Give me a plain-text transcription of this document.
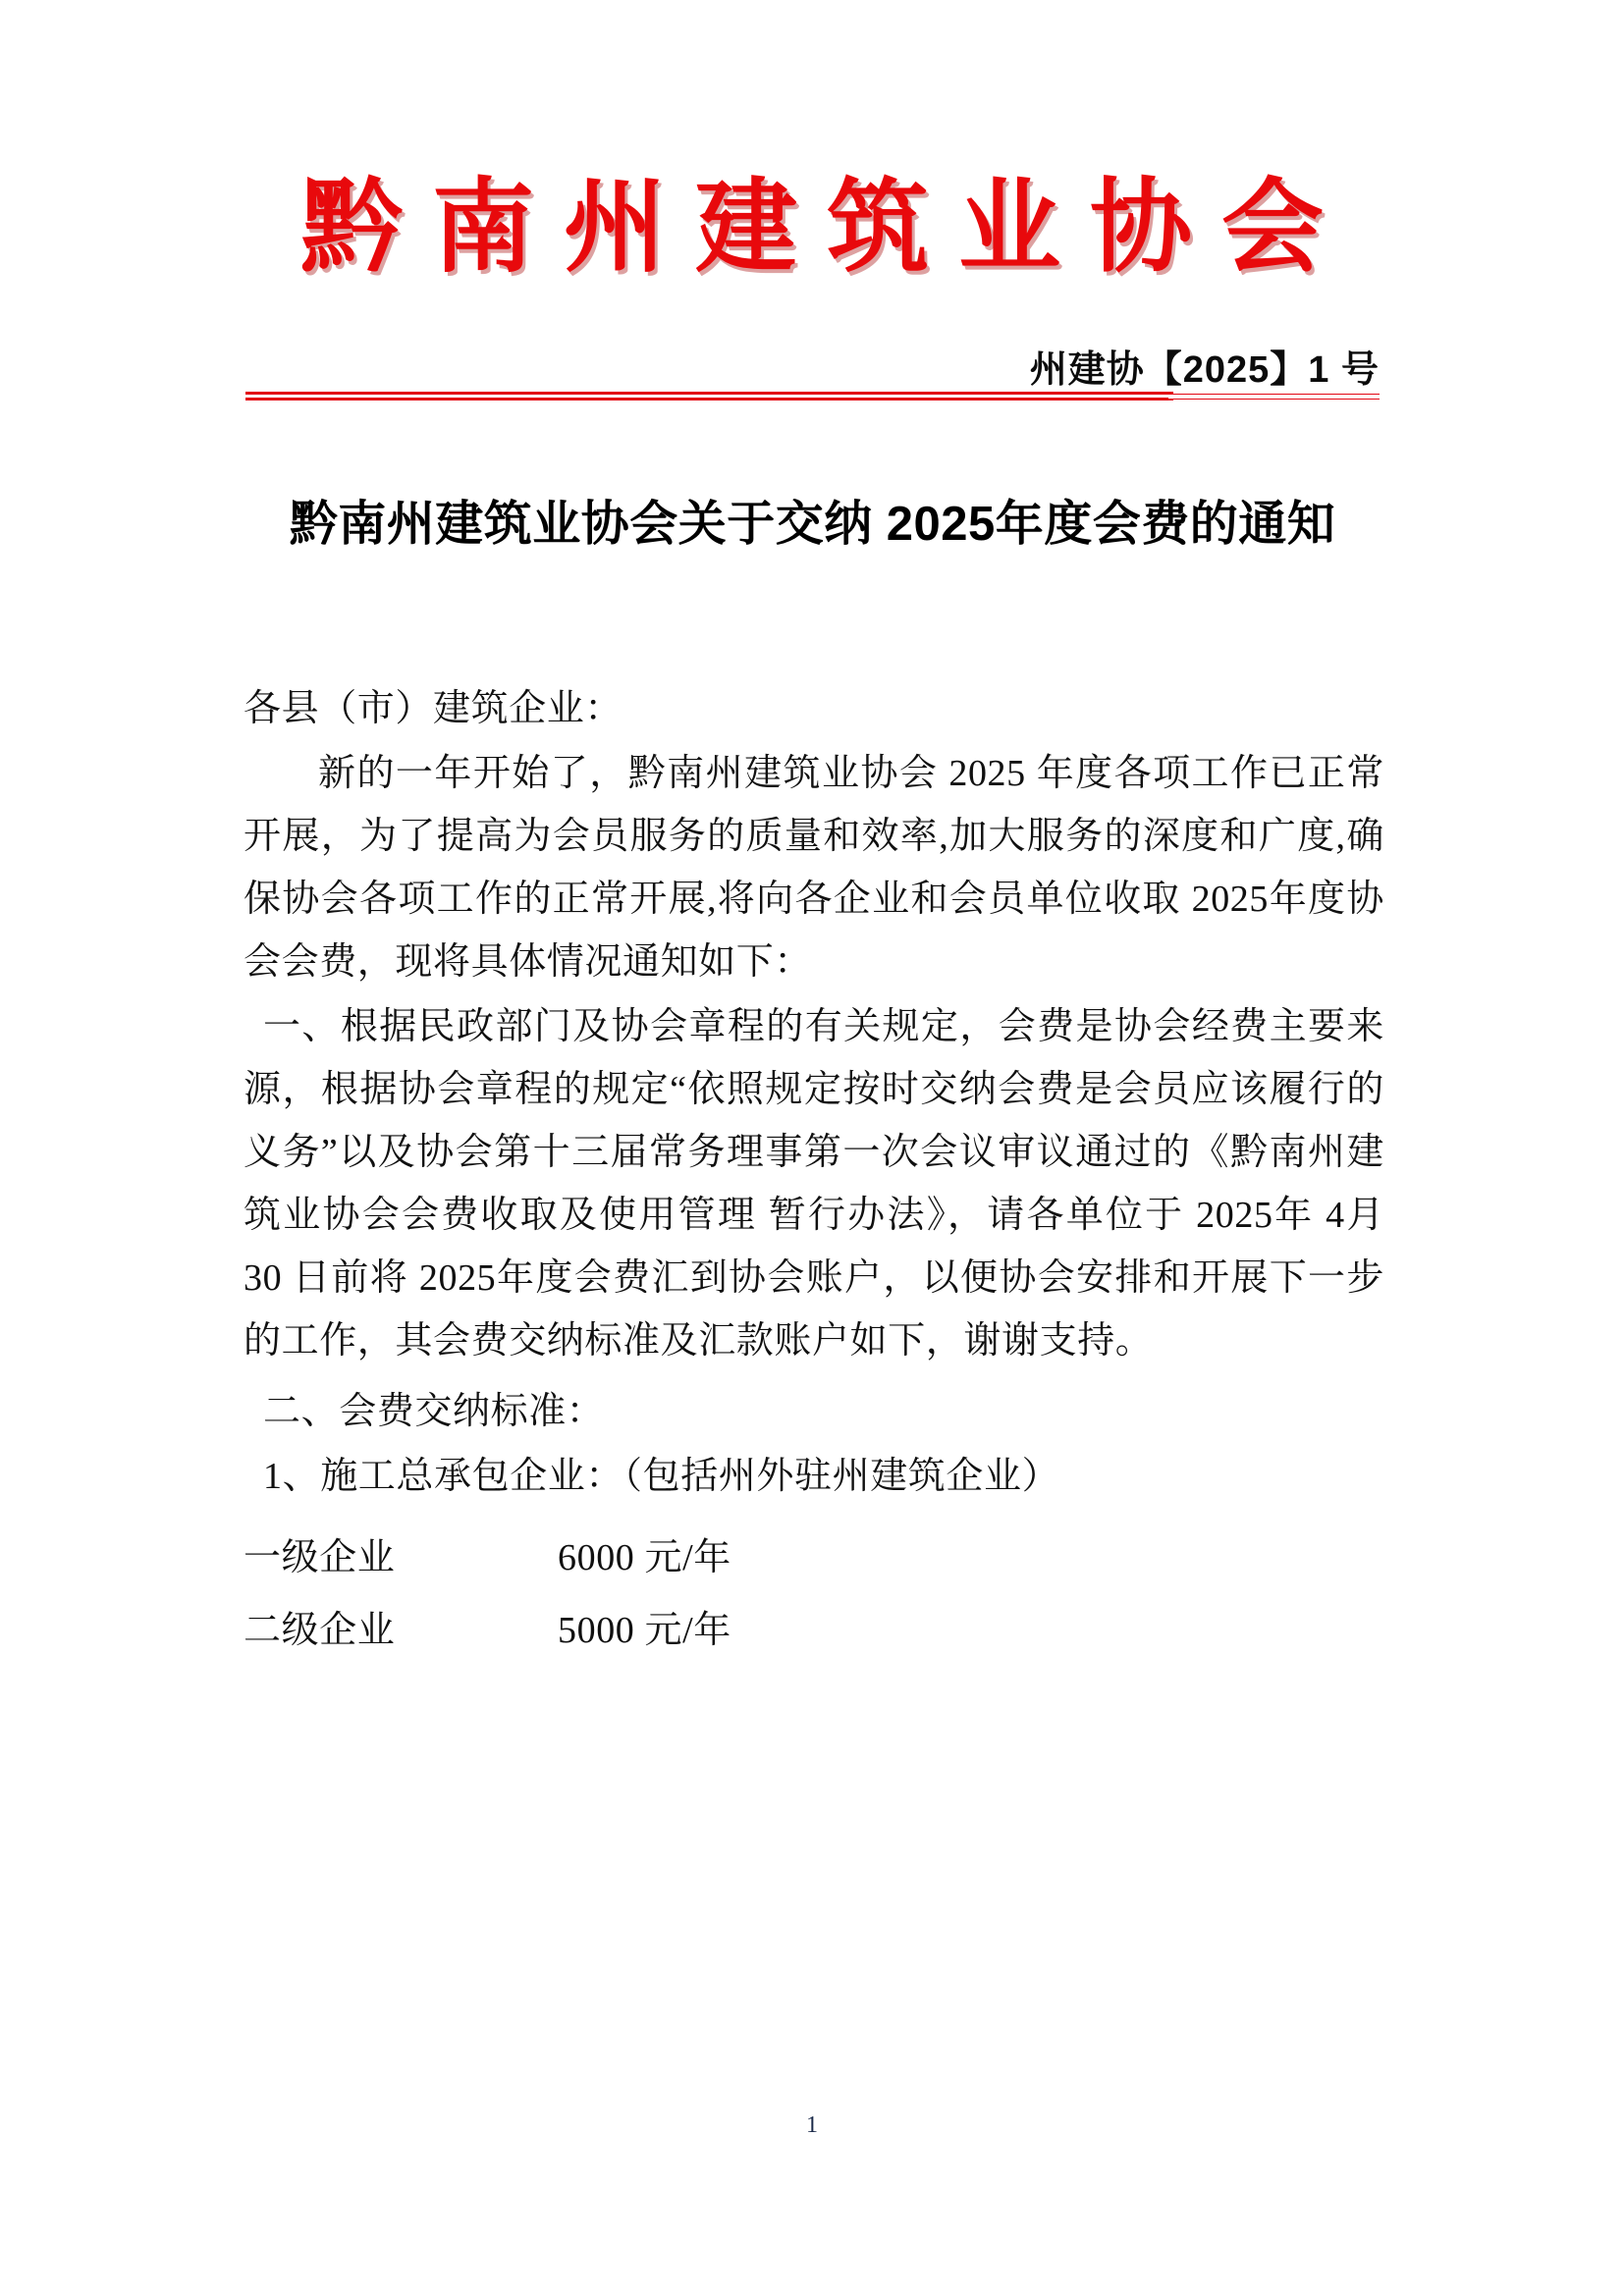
黔南州建筑业协会
州建协【2025】1 号
黔南州建筑业协会关于交纳 2025年度会费的通知

各县（市）建筑企业：

新的一年开始了，黔南州建筑业协会 2025 年度各项工作已正常开展，为了提高为会员服务的质量和效率,加大服务的深度和广度,确保协会各项工作的正常开展,将向各企业和会员单位收取 2025年度协会会费，现将具体情况通知如下：

一、根据民政部门及协会章程的有关规定，会费是协会经费主要来源，根据协会章程的规定“依照规定按时交纳会费是会员应该履行的义务”以及协会第十三届常务理事第一次会议审议通过的《黔南州建筑业协会会费收取及使用管理 暂行办法》，请各单位于 2025年 4月 30 日前将 2025年度会费汇到协会账户，以便协会安排和开展下一步的工作，其会费交纳标准及汇款账户如下，谢谢支持。

二、会费交纳标准：

1、施工总承包企业：（包括州外驻州建筑企业）

一级企业	6000 元/年
二级企业	5000 元/年
1
